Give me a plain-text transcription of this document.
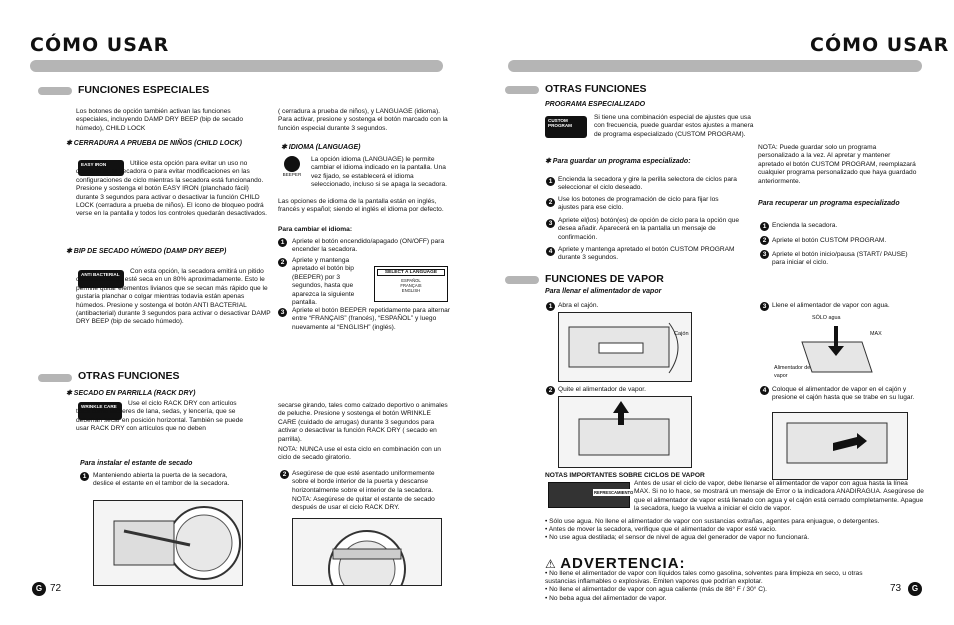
CÓMO USAR
FUNCIONES ESPECIALES
Los botones de opción también activan las funciones especiales, incluyendo DAMP DRY BEEP (bip de secado húmedo), CHILD LOCK
✱ CERRADURA A PRUEBA DE NIÑOS (CHILD LOCK)
EASY IRON	Utilice esta opción para evitar un uso no deseado de la secadora o para evitar modificaciones en las configuraciones de ciclo mientras la secadora está funcionando. Presione y sostenga el botón EASY IRON (planchado fácil) durante 3 segundos para activar o desactivar la función CHILD LOCK (cerradura a prueba de niños). El ícono de bloqueo podrá verse en la pantalla y todos los controles quedarán desactivados.
✱ BIP DE SECADO HÚMEDO (DAMP DRY BEEP)
ANTI BACTERIAL	Con esta opción, la secadora emitirá un pitido cuando la carga esté seca en un 80% aproximadamente. Esto le permite quitar elementos livianos que se secan más rápido que le gustaría planchar o colgar mientras todavía están apenas húmedos. Presione y sostenga el botón ANTI BACTERIAL (antibacterial) durante 3 segundos para activar o desactivar DAMP DRY BEEP (bip de secado húmedo).
( cerradura a prueba de niños), y LANGUAGE (idioma). Para activar, presione y sostenga el botón marcado con la función especial durante 3 segundos.
✱ IDIOMA (LANGUAGE)
BEEPER
La opción idioma (LANGUAGE) le permite cambiar el idioma indicado en la pantalla. Una vez fijado, se establecerá el idioma seleccionado, incluso si se apaga la secadora.
Las opciones de idioma de la pantalla están en inglés, francés y español; siendo el inglés el idioma por defecto.
Para cambiar el idioma:
1	Apriete el botón encendido/apagado (ON/OFF) para encender la secadora.
2	Apriete y mantenga apretado el botón bip (BEEPER) por 3 segundos, hasta que aparezca la siguiente pantalla.
SELECT A LANGUAGE
ESPAÑOL
FRANÇAIS
ENGLISH
3	Apriete el botón BEEPER repetidamente para alternar entre “FRANÇAIS” (francés), “ESPAÑOL” y luego nuevamente al “ENGLISH” (inglés).
OTRAS FUNCIONES
✱ SECADO EN PARRILLA (RACK DRY)
WRINKLE CARE	Use el ciclo RACK DRY con artículos tales como suéteres de lana, sedas, y lencería, que se deberían secar en posición horizontal. También se puede usar RACK DRY con artículos que no deben
Para instalar el estante de secado
1	Manteniendo abierta la puerta de la secadora, deslice el estante en el tambor de la secadora.
secarse girando, tales como calzado deportivo o animales de peluche. Presione y sostenga el botón WRINKLE CARE (cuidado de arrugas) durante 3 segundos para activar o desactivar la función RACK DRY ( secado en parrilla).
NOTA: NUNCA use el esta ciclo en combinación con un ciclo de secado giratorio.
2 Asegúrese de que esté asentado uniformemente sobre el borde interior de la puerta y descanse horizontalmente sobre el interior de la secadora.
NOTA: Asegúrese de quitar el estante de secado después de usar el ciclo RACK DRY.
G 72
CÓMO USAR
OTRAS FUNCIONES
PROGRAMA ESPECIALIZADO
CUSTOM PROGRAM
Si tiene una combinación especial de ajustes que usa con frecuencia, puede guardar estos ajustes a manera de programa especializado (CUSTOM PROGRAM).
✱ Para guardar un programa especializado:
1 Encienda la secadora y gire la perilla selectora de ciclos para seleccionar el ciclo deseado.
2 Use los botones de programación de ciclo para fijar los ajustes para ese ciclo.
3 Apriete el(los) botón(es) de opción de ciclo para la opción que desea añadir. Aparecerá en la pantalla un mensaje de confirmación.
4 Apriete y mantenga apretado el botón CUSTOM PROGRAM durante 3 segundos.
NOTA: Puede guardar solo un programa personalizado a la vez. Al apretar y mantener apretado el botón CUSTOM PROGRAM, reemplazará cualquier programa personalizado que haya guardado anteriormente.
Para recuperar un programa especializado
1 Encienda la secadora.
2 Apriete el botón CUSTOM PROGRAM.
3 Apriete el botón inicio/pausa (START/ PAUSE) para iniciar el ciclo.
FUNCIONES DE VAPOR
Para llenar el alimentador de vapor
1 Abra el cajón.
Cajón
2 Quite el alimentador de vapor.
3 Llene el alimentador de vapor con agua.
SÓLO agua
MAX
Alimentador de vapor
4 Coloque el alimentador de vapor en el cajón y presione el cajón hasta que se trabe en su lugar.
NOTAS IMPORTANTES SOBRE CICLOS DE VAPOR
REFRESCAMIENTO
Antes de usar el ciclo de vapor, debe llenarse el alimentador de vapor con agua hasta la línea MAX. Si no lo hace, se mostrará un mensaje de Error o la indicadora ANADIRAGUA. Asegúrese de que el alimentador de vapor está llenado con agua y el cajón está cerrado completamente. Apague la secadora, luego la vuelva a iniciar el ciclo de vapor.
• Sólo use agua. No llene el alimentador de vapor con sustancias extrañas, agentes para enjuague, o detergentes.
• Antes de mover la secadora, verifique que el alimentador de vapor esté vacío.
• No use agua destilada; el sensor de nivel de agua del generador de vapor no funcionará.
⚠ ADVERTENCIA:
• No llene el alimentador de vapor con líquidos tales como gasolina, solventes para limpieza en seco, u otras sustancias inflamables o explosivas. Emiten vapores que podrían explotar.
• No llene el alimentador de vapor con agua caliente (más de 86° F / 30° C).
• No beba agua del alimentador de vapor.
73	G
